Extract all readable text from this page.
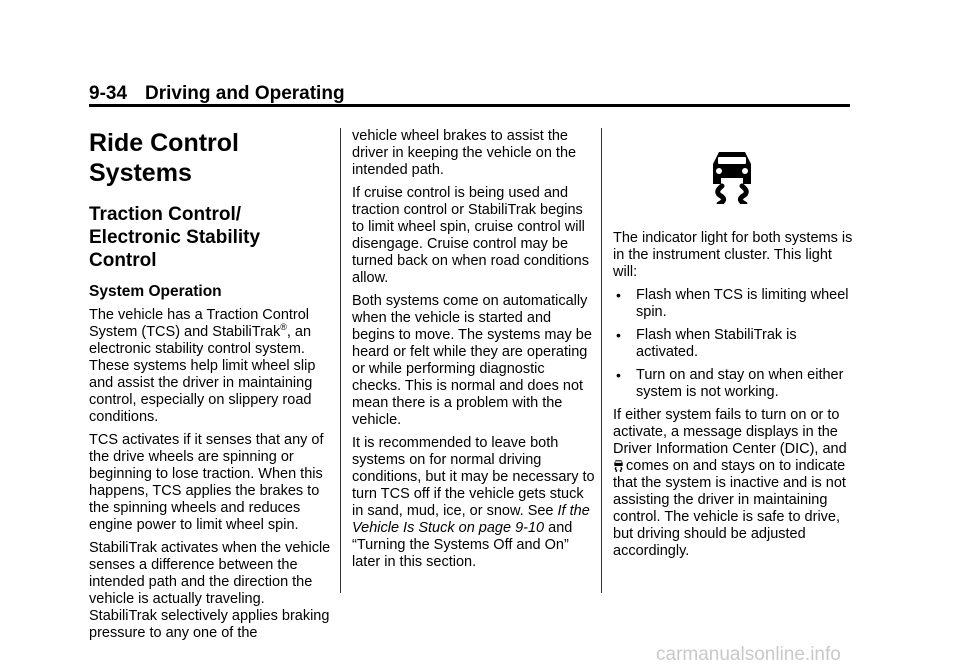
9-34 Driving and Operating
Ride Control Systems
Traction Control/
Electronic Stability
Control
System Operation

The vehicle has a Traction Control System (TCS) and StabiliTrak®, an electronic stability control system. These systems help limit wheel slip and assist the driver in maintaining control, especially on slippery road conditions.

TCS activates if it senses that any of the drive wheels are spinning or beginning to lose traction. When this happens, TCS applies the brakes to the spinning wheels and reduces engine power to limit wheel spin.

StabiliTrak activates when the vehicle senses a difference between the intended path and the direction the vehicle is actually traveling. StabiliTrak selectively applies braking pressure to any one of the

vehicle wheel brakes to assist the driver in keeping the vehicle on the intended path.

If cruise control is being used and traction control or StabiliTrak begins to limit wheel spin, cruise control will disengage. Cruise control may be turned back on when road conditions allow.

Both systems come on automatically when the vehicle is started and begins to move. The systems may be heard or felt while they are operating or while performing diagnostic checks. This is normal and does not mean there is a problem with the vehicle.

It is recommended to leave both systems on for normal driving conditions, but it may be necessary to turn TCS off if the vehicle gets stuck in sand, mud, ice, or snow. See If the Vehicle Is Stuck on page 9-10 and “Turning the Systems Off and On” later in this section.

The indicator light for both systems is in the instrument cluster. This light will:

• Flash when TCS is limiting wheel spin.
• Flash when StabiliTrak is activated.
• Turn on and stay on when either system is not working.

If either system fails to turn on or to activate, a message displays in the Driver Information Center (DIC), and comes on and stays on to indicate that the system is inactive and is not assisting the driver in maintaining control. The vehicle is safe to drive, but driving should be adjusted accordingly.

carmanualsonline.info
